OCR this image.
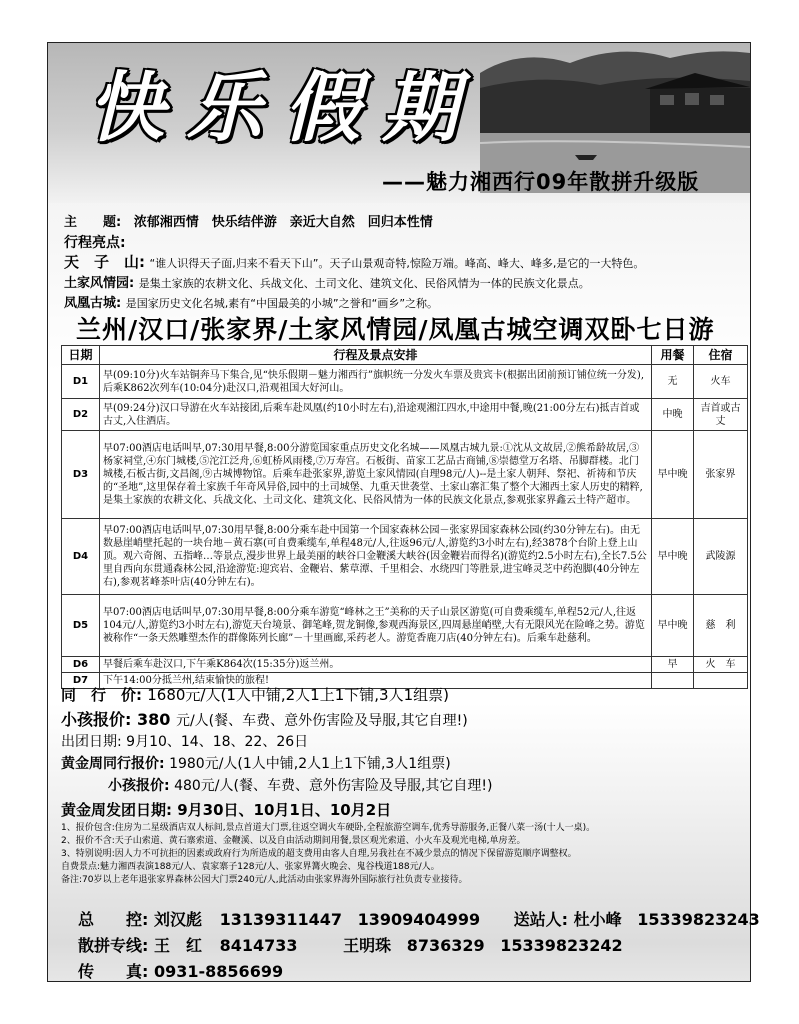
快乐假期
——魅力湘西行09年散拼升级版
主　　题: 浓郁湘西情　快乐结伴游　亲近大自然　回归本性情
行程亮点:
天　子　山: “谁人识得天子面,归来不看天下山”。天子山景观奇特,惊险万端。峰高、峰大、峰多,是它的一大特色。
土家风情园: 是集土家族的农耕文化、兵战文化、土司文化、建筑文化、民俗风情为一体的民族文化景点。
凤凰古城: 是国家历史文化名城,素有“中国最美的小城”之誉和“画乡”之称。
兰州/汉口/张家界/土家风情园/凤凰古城空调双卧七日游
日期	行程及景点安排	用餐	住宿
D1	早(09:10分)火车站铜奔马下集合,见“快乐假期－魅力湘西行”旗帜统一分发火车票及贵宾卡(根据出团前预订铺位统一分发),后乘K862次列车(10:04分)赴汉口,沿观祖国大好河山。	无	火车
D2	早(09:24分)汉口导游在火车站接团,后乘车赴凤凰(约10小时左右),沿途观湘江四水,中途用中餐,晚(21:00分左右)抵吉首或古丈,入住酒店。	中晚	吉首或古丈
D3	早07:00酒店电话叫早,07:30用早餐,8:00分游览国家重点历史文化名城——凤凰古城九景:①沈从文故居,②熊希龄故居,③杨家祠堂,④东门城楼,⑤沱江泛舟,⑥虹桥风雨楼,⑦万寿宫。石板街、苗家工艺品古商铺,⑧崇德堂万名塔、吊脚群楼。北门城楼,石板古街,文昌阁,⑨古城博物馆。后乘车赴张家界,游览土家风情园(自理98元/人)--是土家人朝拜、祭祀、祈祷和节庆的“圣地”,这里保存着土家族千年奇风异俗,园中的土司城堡、九重天世袭堂、土家山寨汇集了整个大湘西土家人历史的精粹,是集土家族的农耕文化、兵战文化、土司文化、建筑文化、民俗风情为一体的民族文化景点,参观张家界鑫云土特产超市。	早中晚	张家界
D4	早07:00酒店电话叫早,07:30用早餐,8:00分乘车赴中国第一个国家森林公园－张家界国家森林公园(约30分钟左右)。由无数悬崖峭壁托起的一块台地－黄石寨(可自费乘缆车,单程48元/人,往返96元/人,游览约3小时左右),经3878个台阶上登上山顶。观六奇阁、五指峰…等景点,漫步世界上最美丽的峡谷口金鞭溪大峡谷(因金鞭岩而得名)(游览约2.5小时左右),全长7.5公里自西向东贯通森林公园,沿途游览:迎宾岩、金鞭岩、紫草潭、千里相会、水绕四门等胜景,进宝峰灵芝中药泡脚(40分钟左右),参观茗峰茶叶店(40分钟左右)。	早中晚	武陵源
D5	早07:00酒店电话叫早,07:30用早餐,8:00分乘车游览“峰林之王”美称的天子山景区游览(可自费乘缆车,单程52元/人,往返104元/人,游览约3小时左右),游览天台境景、御笔峰,贺龙铜像,参观西海景区,四周悬崖峭壁,大有无限风光在险峰之势。游览被称作“一条天然雕塑杰作的群像陈列长廊”－十里画廊,采药老人。游览香鹿刀店(40分钟左右)。后乘车赴慈利。	早中晚	慈　利
D6	早餐后乘车赴汉口,下午乘K864次(15:35分)返兰州。	早	火　车
D7	下午14:00分抵兰州,结束愉快的旅程!		
同　行　价: 1680元/人(1人中铺,2人1上1下铺,3人1组票)
小孩报价: 380 元/人(餐、车费、意外伤害险及导服,其它自理!)
出团日期: 9月10、14、18、22、26日
黄金周同行报价: 1980元/人(1人中铺,2人1上1下铺,3人1组票)
小孩报价: 480元/人(餐、车费、意外伤害险及导服,其它自理!)
黄金周发团日期: 9月30日、10月1日、10月2日
1、报价包含:住房为二星级酒店双人标间,景点首道大门票,往返空调火车硬卧,全程旅游空调车,优秀导游服务,正餐八菜一汤(十人一桌)。
2、报价不含:天子山索道、黄石寨索道、金鞭溪、以及自由活动期间用餐,景区观光索道、小火车及观光电梯,单房差。
3、特别说明:因人力不可抗拒的因素或政府行为所造成的超支费用由客人自理,另我社在不减少景点的情况下保留游览顺序调整权。
自费景点:魅力湘西表演188元/人、袁家寨子128元/人、张家界篝火晚会、鬼谷栈道188元/人。
备注:70岁以上老年退张家界森林公园大门票240元/人,此活动由张家界海外国际旅行社负责专业接待。
总　　控: 刘汉彪 13139311447 13909404999 送站人: 杜小峰 15339823243
散拼专线: 王　红 8414733	王明珠 8736329 15339823242
传　　真: 0931-8856699
